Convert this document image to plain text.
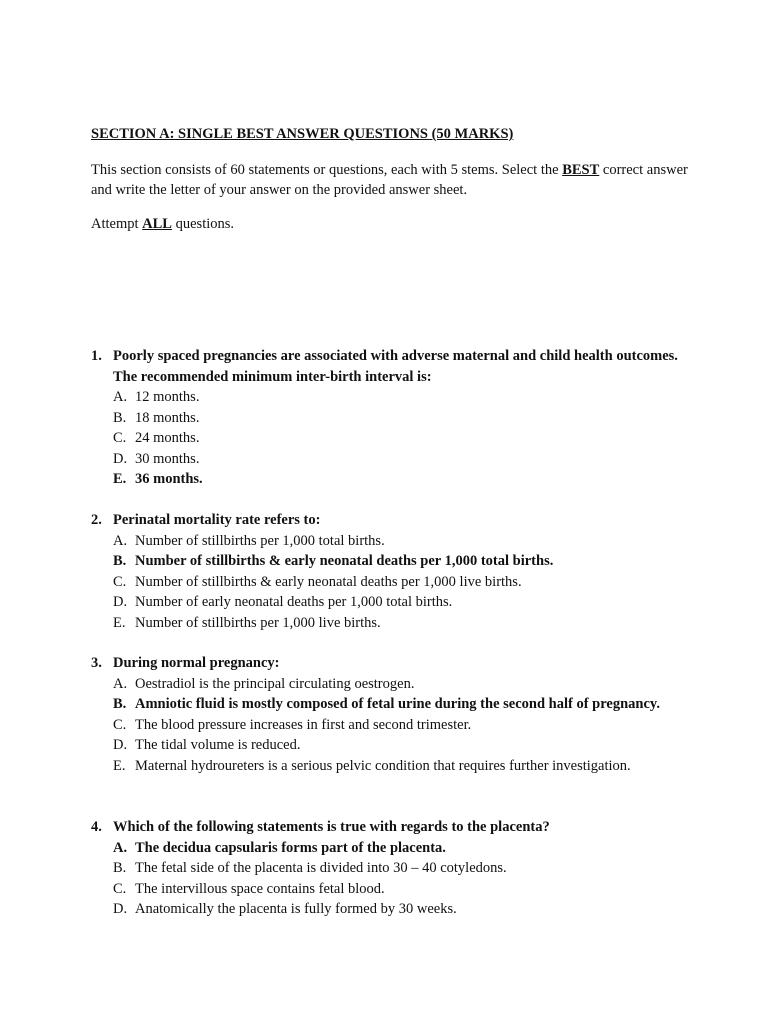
SECTION A: SINGLE BEST ANSWER QUESTIONS (50 MARKS)
This section consists of 60 statements or questions, each with 5 stems. Select the BEST correct answer and write the letter of your answer on the provided answer sheet.
Attempt ALL questions.
1. Poorly spaced pregnancies are associated with adverse maternal and child health outcomes. The recommended minimum inter-birth interval is:
A. 12 months.
B. 18 months.
C. 24 months.
D. 30 months.
E. 36 months.
2. Perinatal mortality rate refers to:
A. Number of stillbirths per 1,000 total births.
B. Number of stillbirths & early neonatal deaths per 1,000 total births.
C. Number of stillbirths & early neonatal deaths per 1,000 live births.
D. Number of early neonatal deaths per 1,000 total births.
E. Number of stillbirths per 1,000 live births.
3. During normal pregnancy:
A. Oestradiol is the principal circulating oestrogen.
B. Amniotic fluid is mostly composed of fetal urine during the second half of pregnancy.
C. The blood pressure increases in first and second trimester.
D. The tidal volume is reduced.
E. Maternal hydroureters is a serious pelvic condition that requires further investigation.
4. Which of the following statements is true with regards to the placenta?
A. The decidua capsularis forms part of the placenta.
B. The fetal side of the placenta is divided into 30 – 40 cotyledons.
C. The intervillous space contains fetal blood.
D. Anatomically the placenta is fully formed by 30 weeks.
